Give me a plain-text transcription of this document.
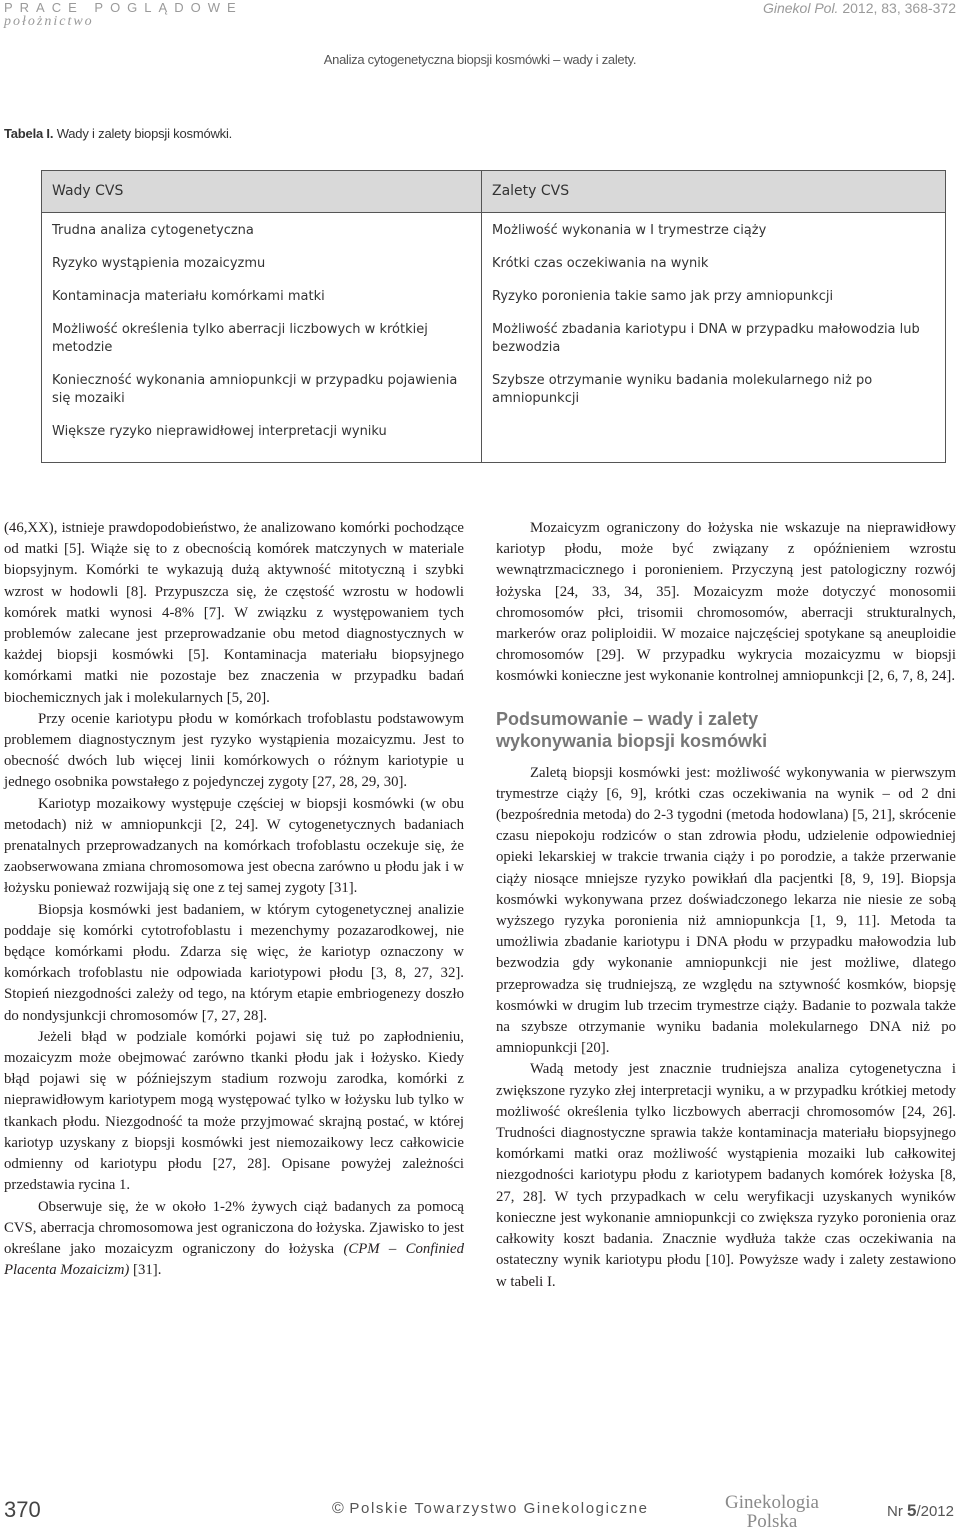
PRACE POGLĄDOWE
położnictwo
Ginekol Pol. 2012, 83, 368-372
Analiza cytogenetyczna biopsji kosmówki – wady i zalety.
Tabela I. Wady i zalety biopsji kosmówki.
Wady CVS	Zalety CVS
Trudna analiza cytogenetyczna	Możliwość wykonania w I trymestrze ciąży
Ryzyko wystąpienia mozaicyzmu	Krótki czas oczekiwania na wynik
Kontaminacja materiału komórkami matki	Ryzyko poronienia takie samo jak przy amniopunkcji
Możliwość określenia tylko aberracji liczbowych w krótkiej metodzie	Możliwość zbadania kariotypu i DNA w przypadku małowodzia lub bezwodzia
Konieczność wykonania amniopunkcji w przypadku pojawienia się mozaiki	Szybsze otrzymanie wyniku badania molekularnego niż po amniopunkcji
Większe ryzyko nieprawidłowej interpretacji wyniku	

(46,XX), istnieje prawdopodobieństwo, że analizowano komórki pochodzące od matki [5]. Wiąże się to z obecnością komórek matczynych w materiale biopsyjnym. Komórki te wykazują dużą aktywność mitotyczną i szybki wzrost w hodowli [8]. Przypuszcza się, że częstość wzrostu w hodowli komórek matki wynosi 4-8% [7]. W związku z występowaniem tych problemów zalecane jest przeprowadzanie obu metod diagnostycznych w każdej biopsji kosmówki [5]. Kontaminacja materiału biopsyjnego komórkami matki nie pozostaje bez znaczenia w przypadku badań biochemicznych jak i molekularnych [5, 20].

Przy ocenie kariotypu płodu w komórkach trofoblastu podstawowym problemem diagnostycznym jest ryzyko wystąpienia mozaicyzmu. Jest to obecność dwóch lub więcej linii komórkowych o różnym kariotypie u jednego osobnika powstałego z pojedynczej zygoty [27, 28, 29, 30].

Kariotyp mozaikowy występuje częściej w biopsji kosmówki (w obu metodach) niż w amniopunkcji [2, 24]. W cytogenetycznych badaniach prenatalnych przeprowadzanych na komórkach trofoblastu oczekuje się, że zaobserwowana zmiana chromosomowa jest obecna zarówno u płodu jak i w łożysku ponieważ rozwijają się one z tej samej zygoty [31].

Biopsja kosmówki jest badaniem, w którym cytogenetycznej analizie poddaje się komórki cytotrofoblastu i mezenchymy pozazarodkowej, nie będące komórkami płodu. Zdarza się więc, że kariotyp oznaczony w komórkach trofoblastu nie odpowiada kariotypowi płodu [3, 8, 27, 32]. Stopień niezgodności zależy od tego, na którym etapie embriogenezy doszło do nondysjunkcji chromosomów [7, 27, 28].

Jeżeli błąd w podziale komórki pojawi się tuż po zapłodnieniu, mozaicyzm może obejmować zarówno tkanki płodu jak i łożysko. Kiedy błąd pojawi się w późniejszym stadium rozwoju zarodka, komórki z nieprawidłowym kariotypem mogą występować tylko w łożysku lub tylko w tkankach płodu. Niezgodność ta może przyjmować skrajną postać, w której kariotyp uzyskany z biopsji kosmówki jest niemozaikowy lecz całkowicie odmienny od kariotypu płodu [27, 28]. Opisane powyżej zależności przedstawia rycina 1.

Obserwuje się, że w około 1-2% żywych ciąż badanych za pomocą CVS, aberracja chromosomowa jest ograniczona do łożyska. Zjawisko to jest określane jako mozaicyzm ograniczony do łożyska (CPM – Confinied Placenta Mozaicizm) [31].

Mozaicyzm ograniczony do łożyska nie wskazuje na nieprawidłowy kariotyp płodu, może być związany z opóźnieniem wzrostu wewnątrzmacicznego i poronieniem. Przyczyną jest patologiczny rozwój łożyska [24, 33, 34, 35]. Mozaicyzm może dotyczyć monosomii chromosomów płci, trisomii chromosomów, aberracji strukturalnych, markerów oraz poliploidii. W mozaice najczęściej spotykane są aneuploidie chromosomów [29]. W przypadku wykrycia mozaicyzmu w biopsji kosmówki konieczne jest wykonanie kontrolnej amniopunkcji [2, 6, 7, 8, 24].

Podsumowanie – wady i zalety
wykonywania biopsji kosmówki

Zaletą biopsji kosmówki jest: możliwość wykonywania w pierwszym trymestrze ciąży [6, 9], krótki czas oczekiwania na wynik – od 2 dni (bezpośrednia metoda) do 2-3 tygodni (metoda hodowlana) [5, 21], skrócenie czasu niepokoju rodziców o stan zdrowia płodu, udzielenie odpowiedniej opieki lekarskiej w trakcie trwania ciąży i po porodzie, a także przerwanie ciąży niosące mniejsze ryzyko powikłań dla pacjentki [8, 9, 19]. Biopsja kosmówki wykonywana przez doświadczonego lekarza nie niesie ze sobą wyższego ryzyka poronienia niż amniopunkcja [1, 9, 11]. Metoda ta umożliwia zbadanie kariotypu i DNA płodu w przypadku małowodzia lub bezwodzia gdy wykonanie amniopunkcji nie jest możliwe, dlatego przeprowadza się trudniejszą, ze względu na sztywność kosmków, biopsję kosmówki w drugim lub trzecim trymestrze ciąży. Badanie to pozwala także na szybsze otrzymanie wyniku badania molekularnego DNA niż po amniopunkcji [20].

Wadą metody jest znacznie trudniejsza analiza cytogenetyczna i zwiększone ryzyko złej interpretacji wyniku, a w przypadku krótkiej metody możliwość określenia tylko liczbowych aberracji chromosomów [24, 26]. Trudności diagnostyczne sprawia także kontaminacja materiału biopsyjnego komórkami matki oraz możliwość wystąpienia mozaiki lub całkowitej niezgodności kariotypu płodu z kariotypem badanych komórek łożyska [8, 27, 28]. W tych przypadkach w celu weryfikacji uzyskanych wyników konieczne jest wykonanie amniopunkcji co zwiększa ryzyko poronienia oraz całkowity koszt badania. Znacznie wydłuża także czas oczekiwania na ostateczny wynik kariotypu płodu [10]. Powyższe wady i zalety zestawiono w tabeli I.

370	© Polskie Towarzystwo Ginekologiczne	Ginekologia
Polska	Nr 5/2012
